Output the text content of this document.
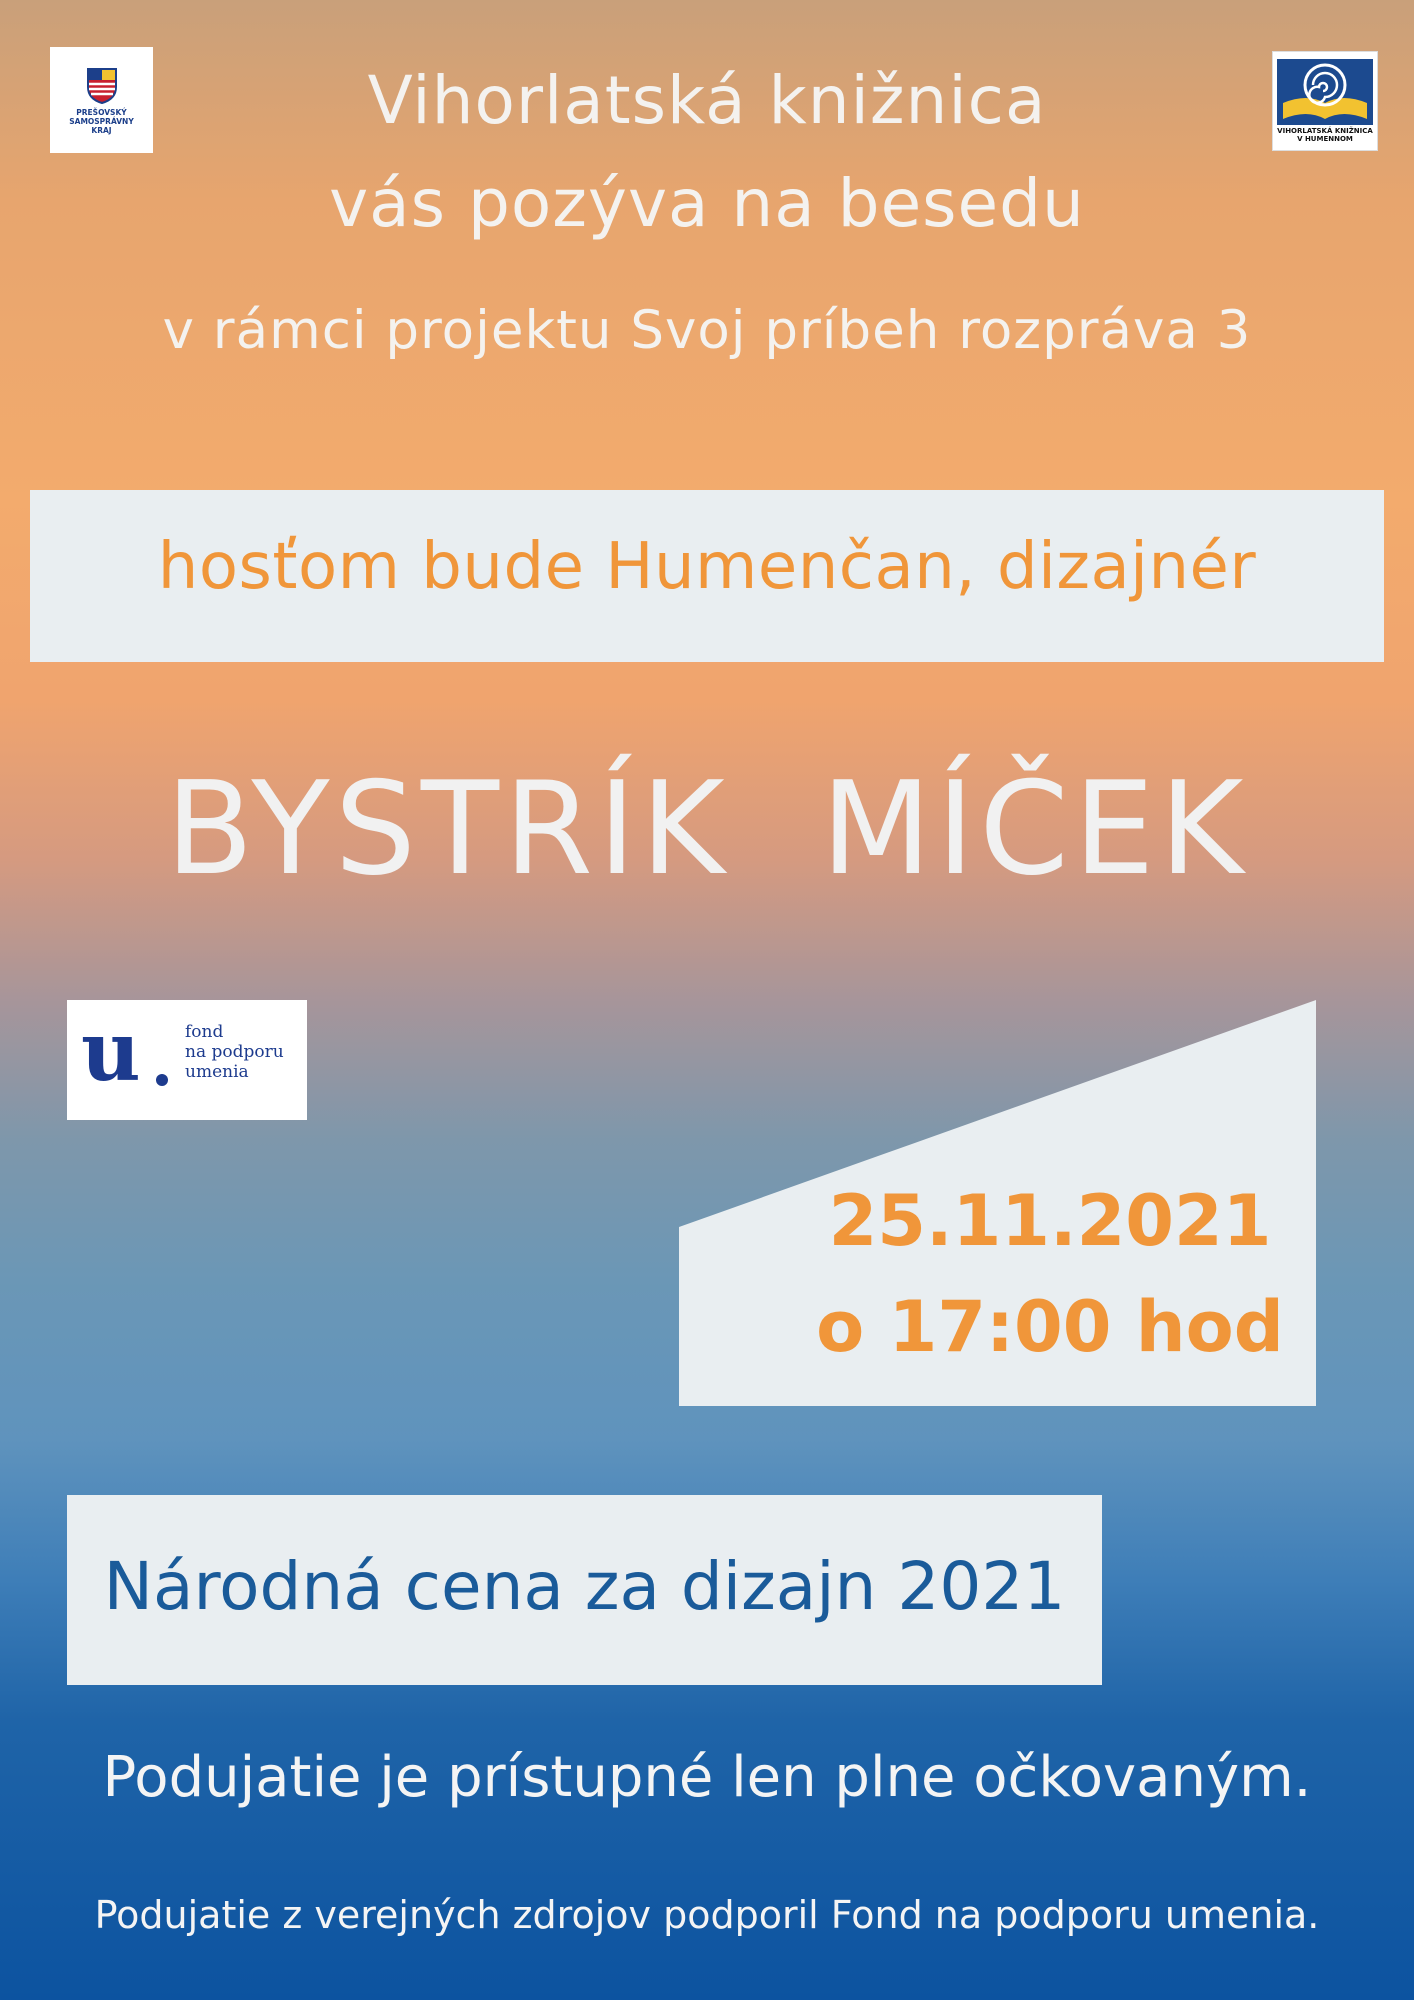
PREŠOVSKÝ
SAMOSPRÁVNY
KRAJ	VIHORLATSKÁ KNIŽNICA
V HUMENNOM
Vihorlatská knižnica
vás pozýva na besedu
v rámci projektu Svoj príbeh rozpráva 3
hosťom bude Humenčan, dizajnér
BYSTRÍK  MÍČEK
u	fond
na podporu
umenia
25.11.2021
o 17:00 hod
Národná cena za dizajn 2021
Podujatie je prístupné len plne očkovaným.
Podujatie z verejných zdrojov podporil Fond na podporu umenia.
